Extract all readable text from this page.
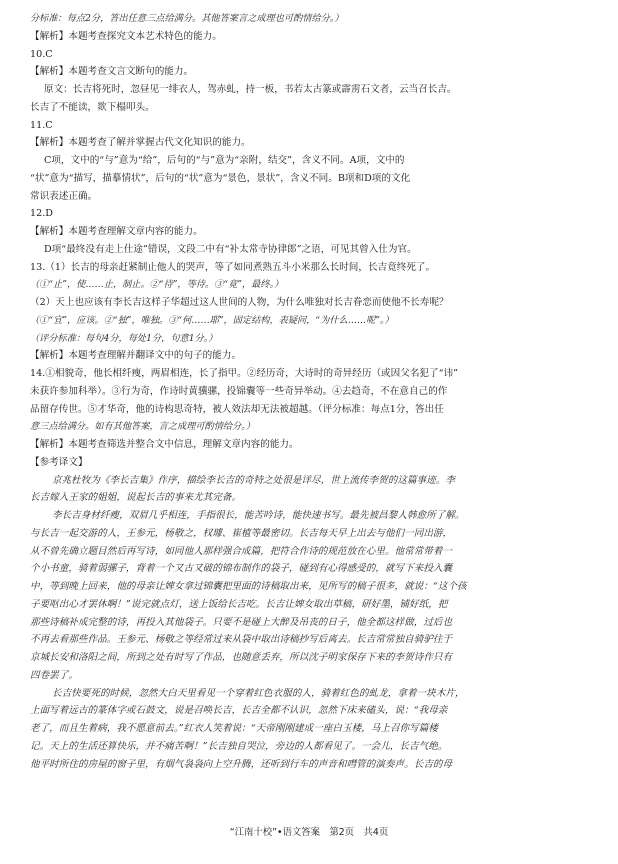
分标准：每点2分，答出任意三点给满分。其他答案言之成理也可酌情给分。）
【解析】本题考查探究文本艺术特色的能力。
10.C
【解析】本题考查文言文断句的能力。
原文：长吉将死时，忽昼见一绯衣人，驾赤虬，持一板，书若太古篆或霹雳石文者，云当召长吉。
长吉了不能读，欻下榻叩头。
11.C
【解析】本题考查了解并掌握古代文化知识的能力。
C项，文中的“与”意为“给”，后句的“与”意为“亲附，结交”，含义不同。A项，文中的
“状”意为“描写，描摹情状”，后句的“状”意为“景色，景状”，含义不同。B项和D项的文化
常识表述正确。
12.D
【解析】本题考查理解文章内容的能力。
D项“最终没有走上仕途”错误，文段二中有“补太常寺协律郎”之语，可见其曾入仕为官。
13.（1）长吉的母亲赶紧制止他人的哭声，等了如同煮熟五斗小米那么长时间，长吉竟终死了。
（①“止”，使……止，制止。②“待”，等待。③“竟”，最终。）
（2）天上也应该有李长吉这样子华超过这人世间的人物，为什么唯独对长吉眷恋而使他不长寿呢？
（①“宜”，应该。②“独”，唯独。③“何……耶”，固定结构，表疑问，“为什么……呢”。）
（评分标准：每句4分，每处1分，句意1分。）
【解析】本题考查理解并翻译文中的句子的能力。
14.①相貌奇，他长相纤瘦，两眉相连，长了指甲。②经历奇，大诗时的奇异经历（或因父名犯了“讳”
未获许参加科举）。③行为奇，作诗时黄骥骡，投锦囊等一些奇异举动。④去趋奇，不在意自己的作
品留存传世。⑤才华奇，他的诗构思奇特，被人效法却无法被超越。（评分标准：每点1分，答出任
意三点给满分。如有其他答案，言之成理可酌情给分。）
【解析】本题考查筛选并整合文中信息，理解文章内容的能力。
【参考译文】
京兆杜牧为《李长吉集》作序，描绘李长吉的奇特之处很是详尽，世上流传李贺的这篇事迹。李
长吉嫁入王家的姐姐，说起长吉的事来尤其完备。
李长吉身材纤瘦，双眉几乎相连，手指很长，能苦吟诗，能快速书写。最先被昌黎人韩愈所了解。
与长吉一起交游的人，王参元，杨敬之，权璩、崔植等最密切。长吉每天早上出去与他们一同出游，
从不曾先确立题目然后再写诗，如同他人那样强合成篇，把符合作诗的规范放在心里。他常常带着一
个小书童，骑着弱骡子，背着一个又古又破的锦布制作的袋子，碰到有心得感受的，就写下来投入囊
中，等到晚上回来，他的母亲让婢女拿过锦囊把里面的诗稿取出来，见所写的稿子很多，就说：“这个孩
子要呕出心才罢休啊！”说完就点灯，送上饭给长吉吃。长吉让婢女取出草稿，研好墨，铺好纸，把
那些诗稿补成完整的诗，再投入其他袋子。只要不是碰上大醉及吊丧的日子，他全都这样做，过后也
不再去看那些作品。王参元、杨敬之等经常过来从袋中取出诗稿抄写后离去。长吉常常独自骑驴往于
京城长安和洛阳之间，所到之处有时写了作品，也随意丢弃，所以沈子明家保存下来的李贺诗作只有
四卷罢了。
长吉快要死的时候，忽然大白天里看见一个穿着红色衣服的人，骑着红色的虬龙，拿着一块木片，
上面写着远古的篆体字或石鼓文，说是召唤长吉，长吉全都不认识，忽然下床来磕头，说：“我母亲
老了，而且生着病，我不愿意前去。”红衣人笑着说：“天帝刚刚建成一座白玉楼，马上召你写篇楼
记。天上的生活还算快乐，并不痛苦啊！”长吉独自哭泣，旁边的人都看见了。一会儿，长吉气绝。
他平时所住的房屋的窗子里，有烟气袅袅向上空升腾，还听到行车的声音和嘒管的演奏声。长吉的母
“江南十校”•语文答案　第2页　共4页
